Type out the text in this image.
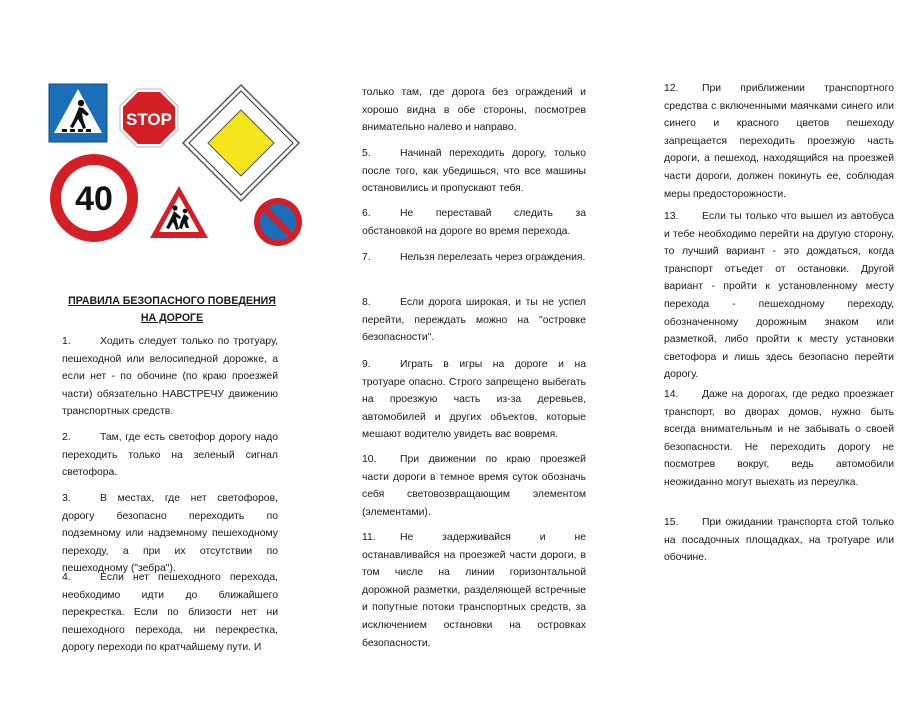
STOP
40
ПРАВИЛА БЕЗОПАСНОГО ПОВЕДЕНИЯ
НА ДОРОГЕ

1.	Ходить следует только по тротуару, пешеходной или велосипедной дорожке, а если нет - по обочине (по краю проезжей части) обязательно НАВСТРЕЧУ движению транспортных средств.

2.	Там, где есть светофор дорогу надо переходить только на зеленый сигнал светофора.

3.	В местах, где нет светофоров, дорогу безопасно переходить по подземному или надземному пешеходному переходу, а при их отсутствии по пешеходному ("зебра").

4.	Если нет пешеходного перехода, необходимо идти до ближайшего перекрестка. Если по близости нет ни пешеходного перехода, ни перекрестка, дорогу переходи по кратчайшему пути. И

только там, где дорога без ограждений и хорошо видна в обе стороны, посмотрев внимательно налево и направо.

5.	Начинай переходить дорогу, только после того, как убедишься, что все машины остановились и пропускают тебя.

6.	Не переставай следить за обстановкой на дороге во время перехода.

7.	Нельзя перелезать через ограждения.

8.	Если дорога широкая, и ты не успел перейти, переждать можно на "островке безопасности".

9.	Играть в игры на дороге и на тротуаре опасно. Строго запрещено выбегать на проезжую часть из-за деревьев, автомобилей и других объектов, которые мешают водителю увидеть вас вовремя.

10. При движении по краю проезжей части дороги в темное время суток обозначь себя световозвращающим элементом (элементами).

11. Не задерживайся и не останавливайся на проезжей части дороги, в том числе на линии горизонтальной дорожной разметки, разделяющей встречные и попутные потоки транспортных средств, за исключением остановки на островках безопасности.

12. При приближении транспортного средства с включенными маячками синего или синего и красного цветов пешеходу запрещается переходить проезжую часть дороги, а пешеход, находящийся на проезжей части дороги, должен покинуть ее, соблюдая меры предосторожности.

13. Если ты только что вышел из автобуса и тебе необходимо перейти на другую сторону, то лучший вариант - это дождаться, когда транспорт отъедет от остановки. Другой вариант - пройти к установленному месту перехода - пешеходному переходу, обозначенному дорожным знаком или разметкой, либо пройти к месту установки светофора и лишь здесь безопасно перейти дорогу.

14. Даже на дорогах, где редко проезжает транспорт, во дворах домов, нужно быть всегда внимательным и не забывать о своей безопасности. Не переходить дорогу не посмотрев вокруг, ведь автомобили неожиданно могут выехать из переулка.

15. При ожидании транспорта стой только на посадочных площадках, на тротуаре или обочине.
